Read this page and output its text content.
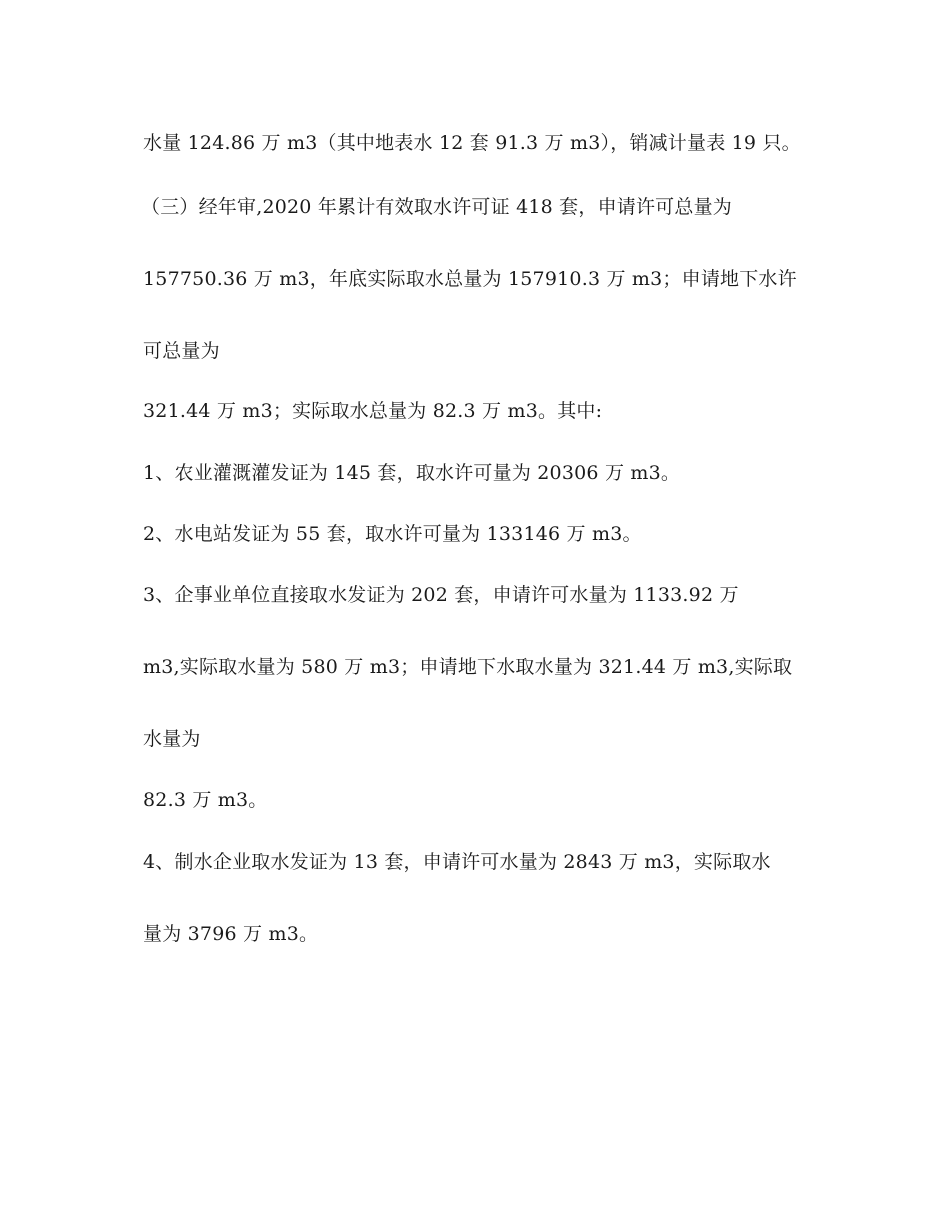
水量 124.86 万 m3（其中地表水 12 套 91.3 万 m3），销减计量表 19 只。
（三）经年审,2020 年累计有效取水许可证 418 套，申请许可总量为
157750.36 万 m3，年底实际取水总量为 157910.3 万 m3；申请地下水许
可总量为
321.44 万 m3；实际取水总量为 82.3 万 m3。其中:
1、农业灌溉灌发证为 145 套，取水许可量为 20306 万 m3。
2、水电站发证为 55 套，取水许可量为 133146 万 m3。
3、企事业单位直接取水发证为 202 套，申请许可水量为 1133.92 万
m3,实际取水量为 580 万 m3；申请地下水取水量为 321.44 万 m3,实际取
水量为
82.3 万 m3。
4、制水企业取水发证为 13 套，申请许可水量为 2843 万 m3，实际取水
量为 3796 万 m3。
